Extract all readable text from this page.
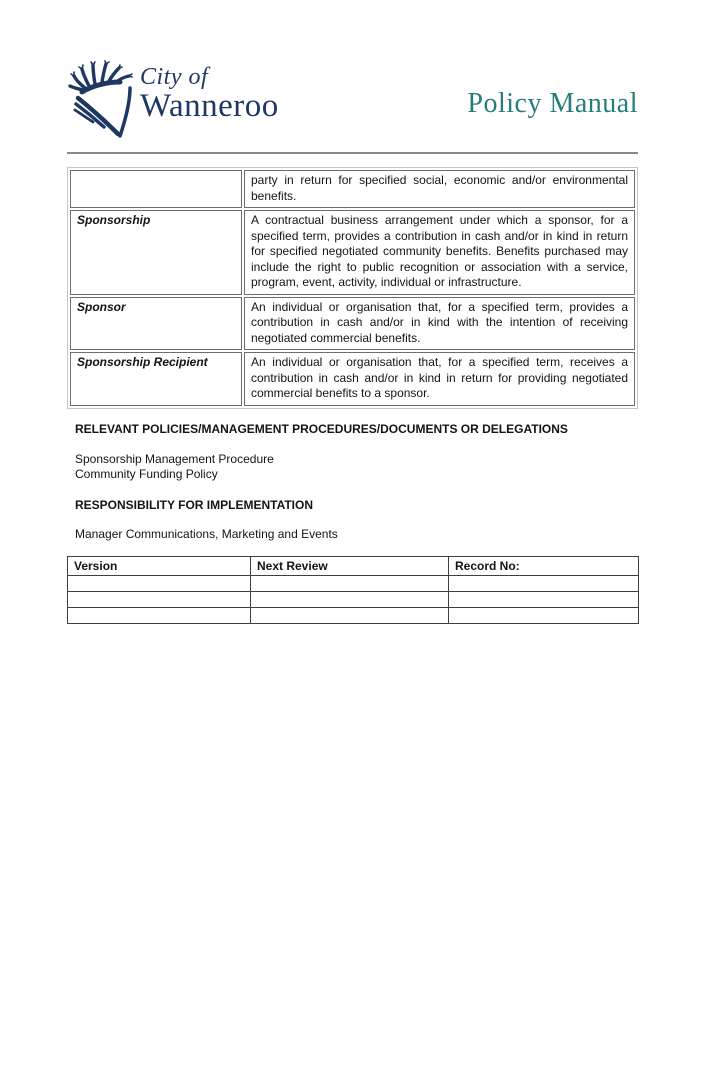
City of
Wanneroo	Policy Manual
	party in return for specified social, economic and/or environmental benefits.
Sponsorship	A contractual business arrangement under which a sponsor, for a specified term, provides a contribution in cash and/or in kind in return for specified negotiated community benefits. Benefits purchased may include the right to public recognition or association with a service, program, event, activity, individual or infrastructure.
Sponsor	An individual or organisation that, for a specified term, provides a contribution in cash and/or in kind with the intention of receiving negotiated commercial benefits.
Sponsorship Recipient	An individual or organisation that, for a specified term, receives a contribution in cash and/or in kind in return for providing negotiated commercial benefits to a sponsor.
RELEVANT POLICIES/MANAGEMENT PROCEDURES/DOCUMENTS OR DELEGATIONS
Sponsorship Management Procedure
Community Funding Policy
RESPONSIBILITY FOR IMPLEMENTATION
Manager Communications, Marketing and Events
Version	Next Review	Record No:
